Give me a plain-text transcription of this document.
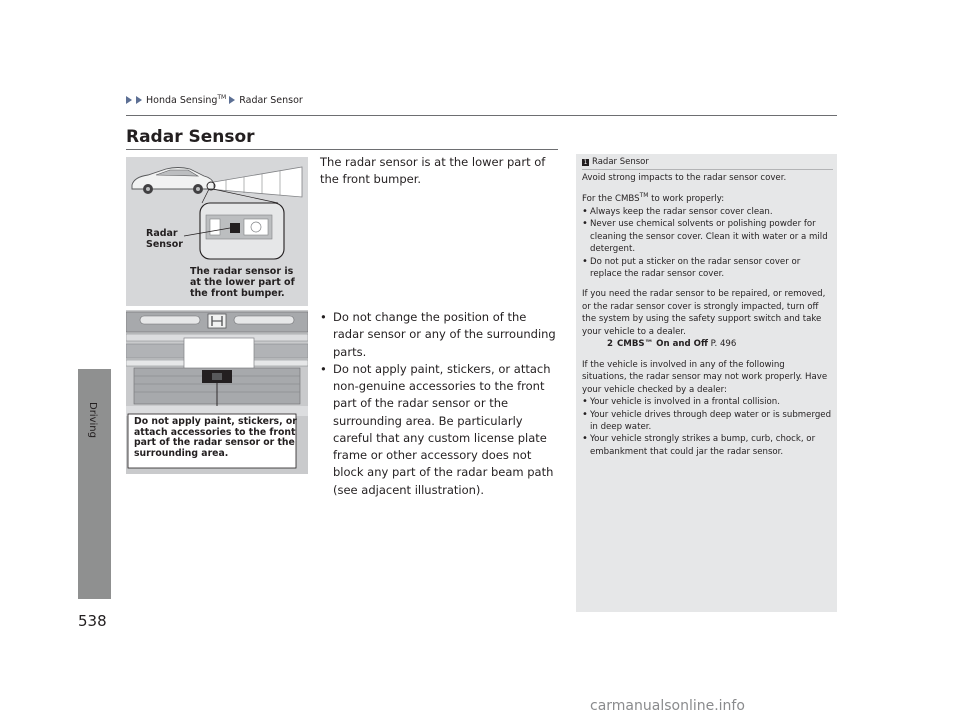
Honda Sensing™ Radar Sensor
Driving
538
Radar Sensor
Radar
Sensor
The radar sensor is
at the lower part of
the front bumper.
Do not apply paint, stickers, or
attach accessories to the front
part of the radar sensor or the
surrounding area.
The radar sensor is at the lower part of the front bumper.
• Do not change the position of the radar sensor or any of the surrounding parts.
• Do not apply paint, stickers, or attach non-genuine accessories to the front part of the radar sensor or the surrounding area. Be particularly careful that any custom license plate frame or other accessory does not block any part of the radar beam path (see adjacent illustration).
1 Radar Sensor

Avoid strong impacts to the radar sensor cover.

For the CMBS™ to work properly:
• Always keep the radar sensor cover clean.
• Never use chemical solvents or polishing powder for cleaning the sensor cover. Clean it with water or a mild detergent.
• Do not put a sticker on the radar sensor cover or replace the radar sensor cover.
If you need the radar sensor to be repaired, or removed, or the radar sensor cover is strongly impacted, turn off the system by using the safety support switch and take your vehicle to a dealer.
2 CMBS™ On and Off P. 496
If the vehicle is involved in any of the following situations, the radar sensor may not work properly. Have your vehicle checked by a dealer:
• Your vehicle is involved in a frontal collision.
• Your vehicle drives through deep water or is submerged in deep water.
• Your vehicle strongly strikes a bump, curb, chock, or embankment that could jar the radar sensor.
carmanualsonline.info
